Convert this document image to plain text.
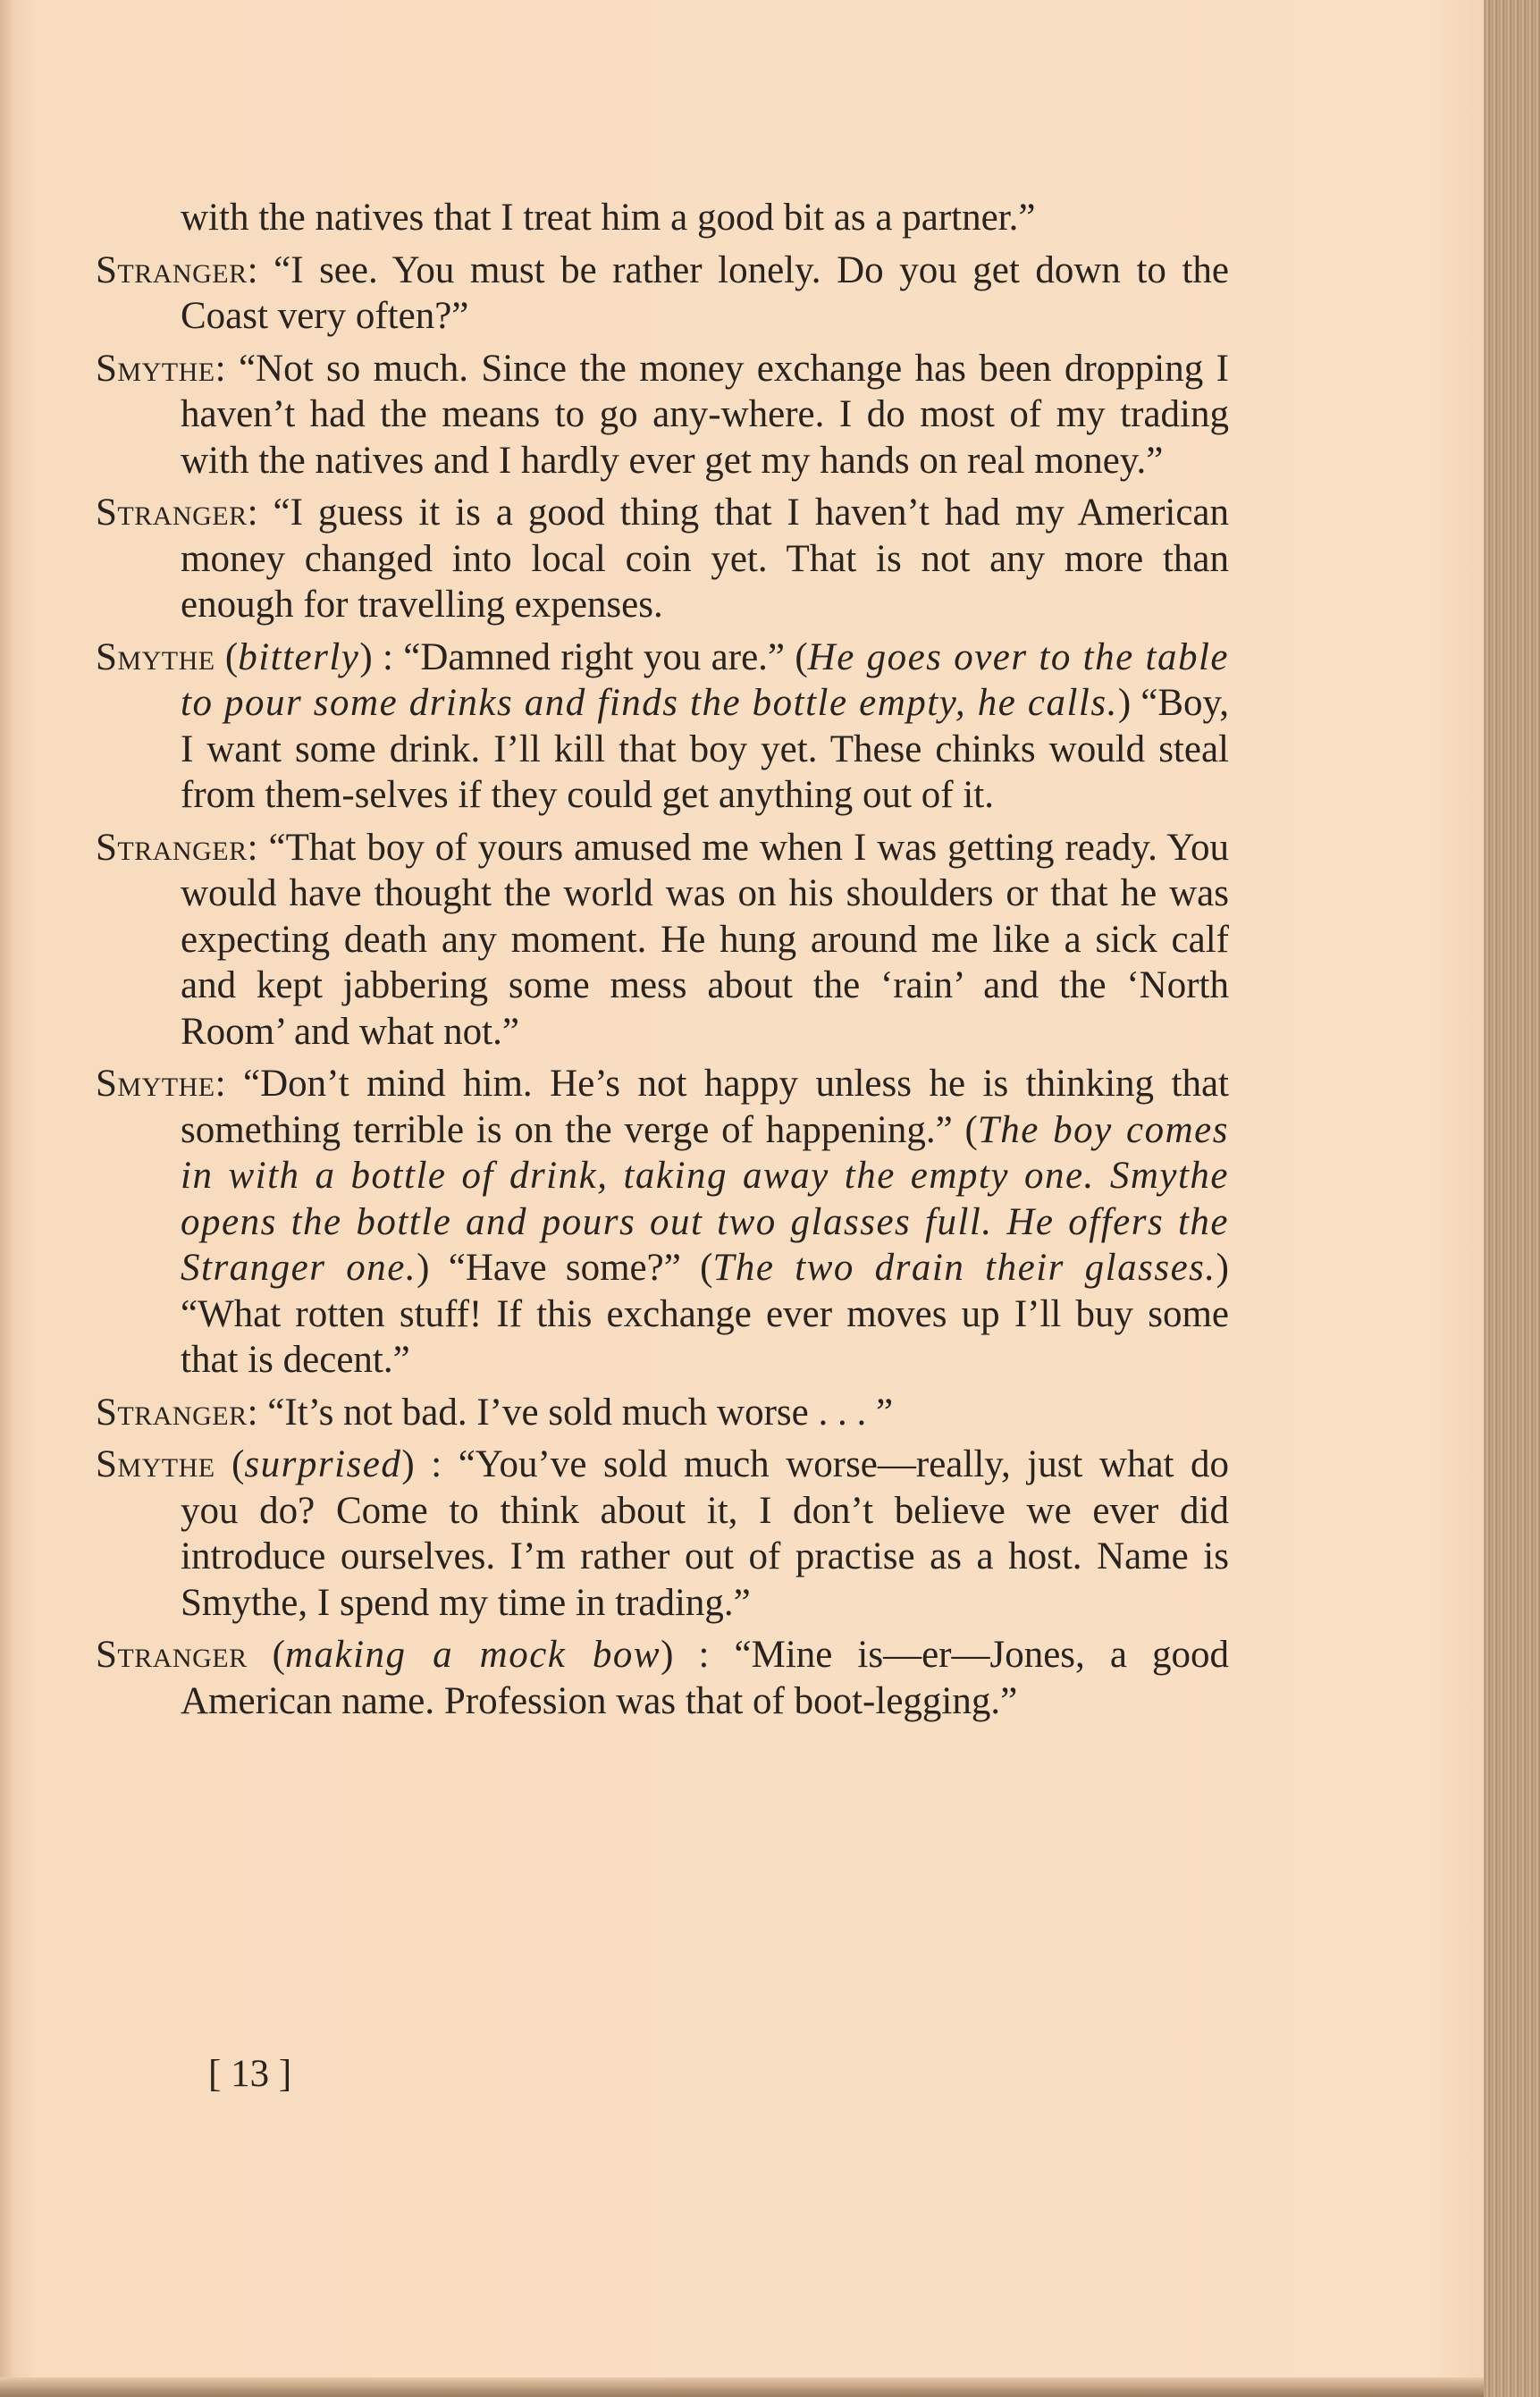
with the natives that I treat him a good bit as a partner.”

Stranger: “I see. You must be rather lonely. Do you get down to the Coast very often?”

Smythe: “Not so much. Since the money exchange has been dropping I haven’t had the means to go any-where. I do most of my trading with the natives and I hardly ever get my hands on real money.”

Stranger: “I guess it is a good thing that I haven’t had my American money changed into local coin yet. That is not any more than enough for travelling expenses.

Smythe (bitterly) : “Damned right you are.” (He goes over to the table to pour some drinks and finds the bottle empty, he calls.) “Boy, I want some drink. I’ll kill that boy yet. These chinks would steal from them-selves if they could get anything out of it.

Stranger: “That boy of yours amused me when I was getting ready. You would have thought the world was on his shoulders or that he was expecting death any moment. He hung around me like a sick calf and kept jabbering some mess about the ‘rain’ and the ‘North Room’ and what not.”

Smythe: “Don’t mind him. He’s not happy unless he is thinking that something terrible is on the verge of happening.” (The boy comes in with a bottle of drink, taking away the empty one. Smythe opens the bottle and pours out two glasses full. He offers the Stranger one.) “Have some?” (The two drain their glasses.) “What rotten stuff! If this exchange ever moves up I’ll buy some that is decent.”

Stranger: “It’s not bad. I’ve sold much worse . . . ”

Smythe (surprised) : “You’ve sold much worse—really, just what do you do? Come to think about it, I don’t believe we ever did introduce ourselves. I’m rather out of practise as a host. Name is Smythe, I spend my time in trading.”

Stranger (making a mock bow) : “Mine is—er—Jones, a good American name. Profession was that of boot-legging.”

[ 13 ]
